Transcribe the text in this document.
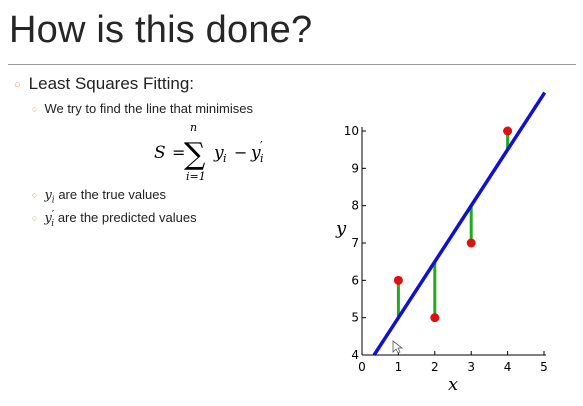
How is this done?
○ Least Squares Fitting:
○ We try to find the line that minimises
S =
n
∑
i=1
y i − y ′
i
○ $y_i$ are the true values
○ $y'_i$ are the predicted values
0 1 2 3 4 5
4
5
6
7
8
9
10
y
x
